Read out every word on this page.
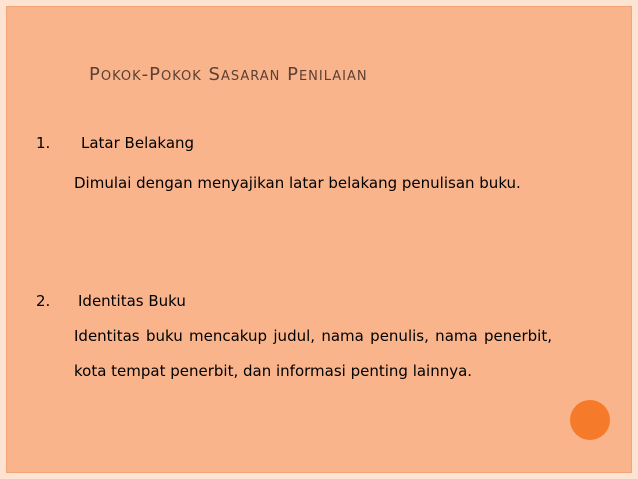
Pokok-Pokok Sasaran Penilaian
1. Latar Belakang
Dimulai dengan menyajikan latar belakang penulisan buku.
2. Identitas Buku
Identitas buku mencakup judul, nama penulis, nama penerbit, kota tempat penerbit, dan informasi penting lainnya.
